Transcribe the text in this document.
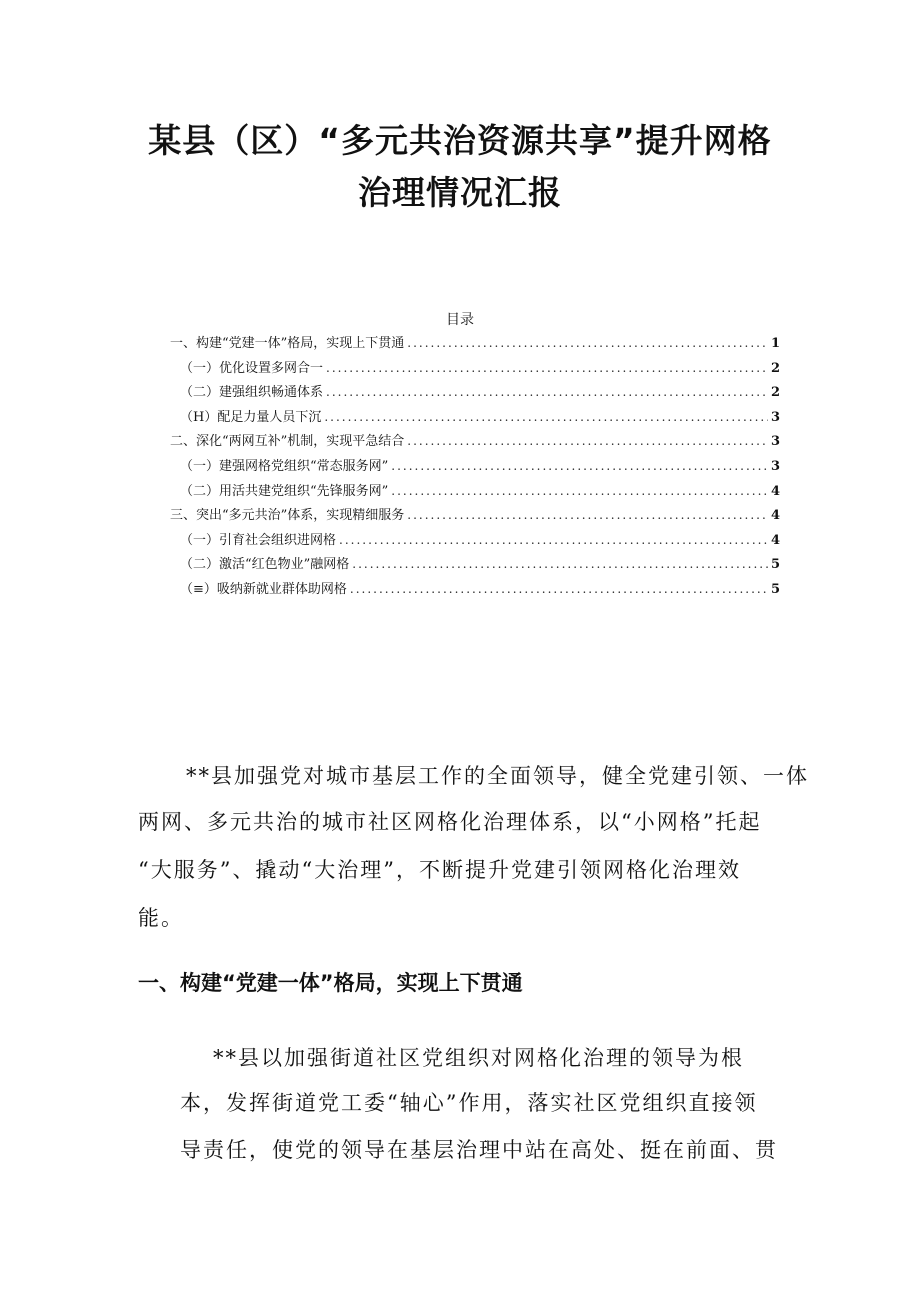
某县（区）“多元共治资源共享”提升网格
治理情况汇报
目录
一、构建“党建一体”格局，实现上下贯通 .....	1
（一）优化设置多网合一 .....	2
（二）建强组织畅通体系 .....	2
（H）配足力量人员下沉 .....	3
二、深化“两网互补”机制，实现平急结合 .....	3
（一）建强网格党组织“常态服务网” .....	3
（二）用活共建党组织“先锋服务网” .....	4
三、突出“多元共治”体系，实现精细服务 .....	4
（一）引育社会组织进网格 .....	4
（二）激活“红色物业”融网格 .....	5
（≡）吸纳新就业群体助网格 .....	5
**县加强党对城市基层工作的全面领导，健全党建引领、一体
两网、多元共治的城市社区网格化治理体系，以“小网格”托起
“大服务”、撬动“大治理”，不断提升党建引领网格化治理效
能。
一、构建“党建一体”格局，实现上下贯通
**县以加强街道社区党组织对网格化治理的领导为根
本，发挥街道党工委“轴心”作用，落实社区党组织直接领
导责任，使党的领导在基层治理中站在高处、挺在前面、贯
